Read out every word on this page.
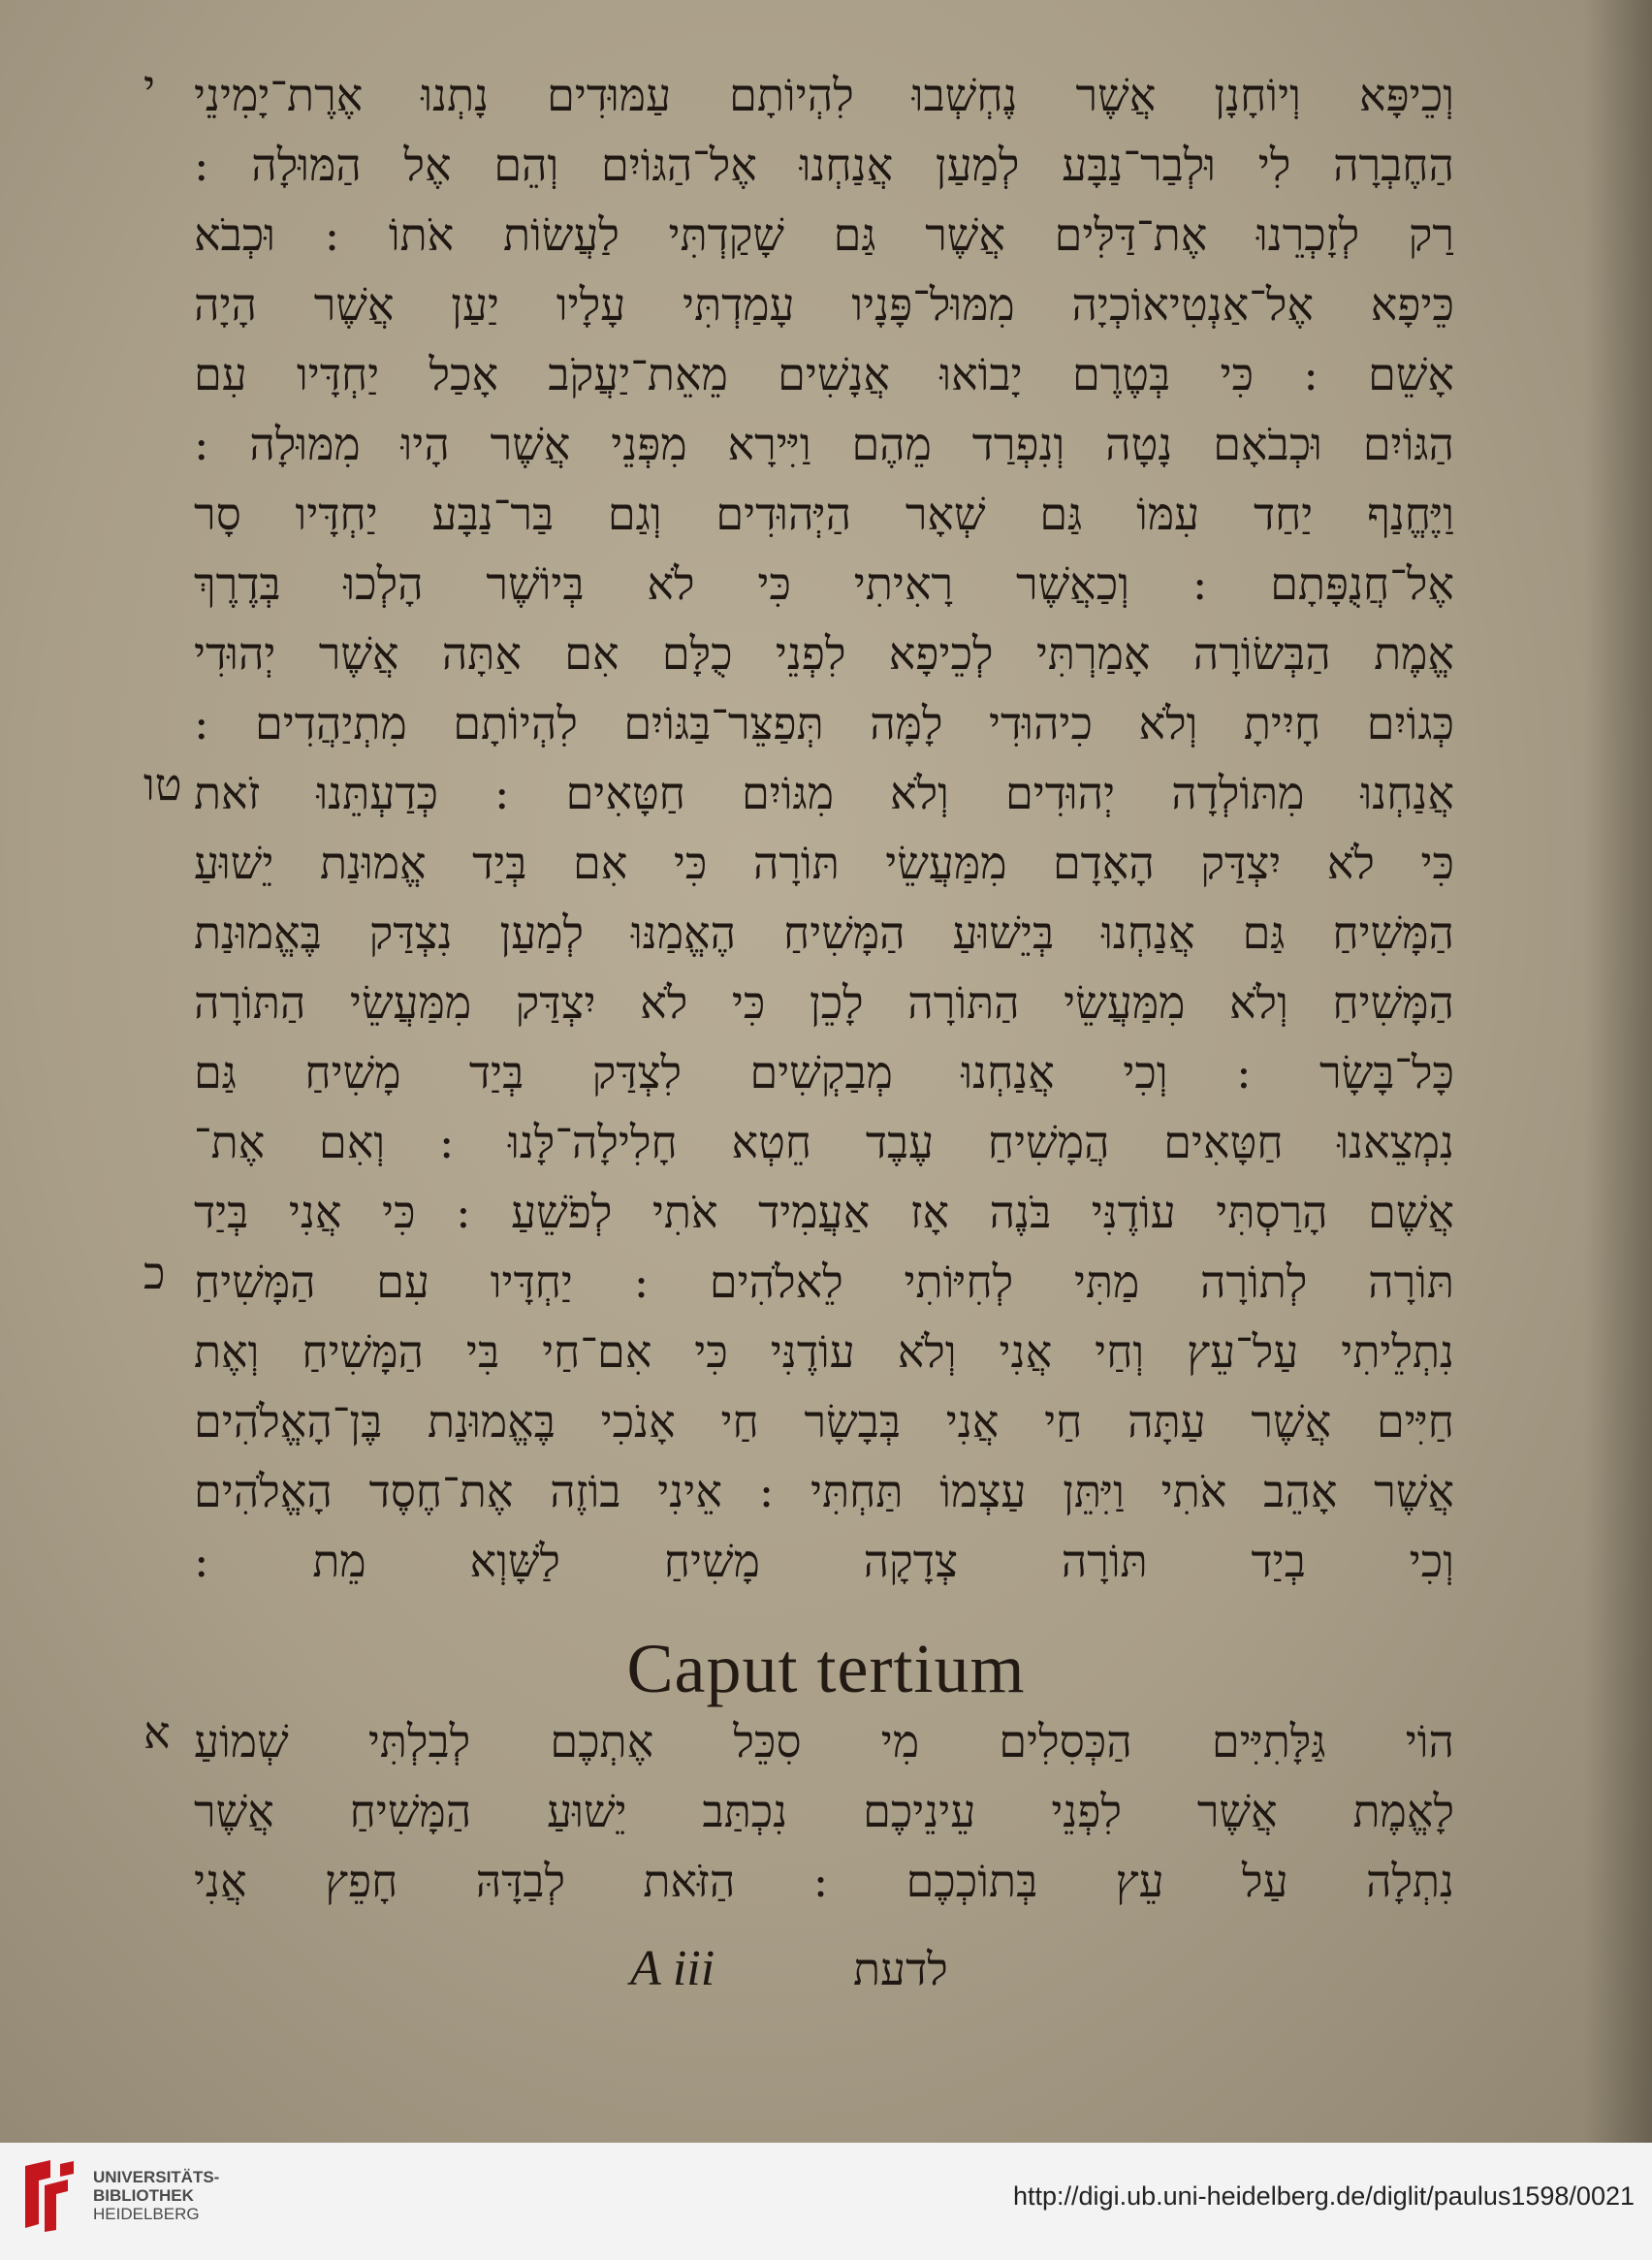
וְכֵיפָּא וְיוֹחָנָן אֲשֶׁר נֶחְשְׁבוּ לִהְיוֹתָם עַמּוּדִים נָתְנוּ אֶרֶת־יָמִינֵי
הַחֶבְרָה לִי וּלְבַר־נַבָּע לְמַעַן אֲנַחְנוּ אֶל־הַגּוֹיִם וְהֵם אֶל הַמּוּלָה :
רַק לְזָכְרֵנוּ אֶת־דַּלִּים אֲשֶׁר גַּם שָׁקַדְתִּי לַעֲשׂוֹת אֹתוֹ : וּכְבֹא
כֵּיפָא אֶל־אַנְטִיאוֹכְיָה מִמּוּל־פָּנָיו עָמַדְתִּי עָלָיו יַעַן אֲשֶׁר הָיָה
אָשֵׁם : כִּי בְּטֶרֶם יָבוֹאוּ אֲנָשִׁים מֵאֵת־יַעֲקֹב אָכַל יַחְדָּיו עִם
הַגּוֹיִם וּכְבֹאָם נָטָה וְנִפְרַד מֵהֶם וַיִּירָא מִפְּנֵי אֲשֶׁר הָיוּ מִמּוּלָה :
וַיֶּחֱנַף יַחַד עִמּוֹ גַּם שְׁאָר הַיְּהוּדִים וְגַם בַּר־נַבָּע יַחְדָּיו סָר
אֶל־חֲנֻפָּתָם : וְכַאֲשֶׁר רָאִיתִי כִּי לֹא בְּיוֹשֶׁר הָלְכוּ בְּדֶרֶךְ
אֱמֶת הַבְּשׂוֹרָה אָמַרְתִּי לְכֵיפָא לִפְנֵי כֻלָּם אִם אַתָּה אֲשֶׁר יְהוּדִי
כְּגוֹיִם חָיִיתָ וְלֹא כִיהוּדִי לָמָּה תְּפַצֵּר־בַּגּוֹיִם לִהְיוֹתָם מִתְיַהֲדִים :
אֲנַחְנוּ מִתּוֹלְדָה יְהוּדִים וְלֹא מִגּוֹיִם חַטָּאִים : כְּדַעְתֵּנוּ זֹאת
כִּי לֹא יִצְדַּק הָאָדָם מִמַּעֲשֵׂי תּוֹרָה כִּי אִם בְּיַד אֱמוּנַת יֵשׁוּעַ
הַמָּשִׁיחַ גַּם אֲנַחְנוּ בְּיֵשׁוּעַ הַמָּשִׁיחַ הֶאֱמַנּוּ לְמַעַן נִצְדַּק בֶּאֱמוּנַת
הַמָּשִׁיחַ וְלֹא מִמַּעֲשֵׂי הַתּוֹרָה לָכֵן כִּי לֹא יִצְדַּק מִמַּעֲשֵׂי הַתּוֹרָה
כָּל־בָּשָׂר : וְכִי אֲנַחְנוּ מְבַקְשִׁים לִצְדַּק בְּיַד מָשִׁיחַ גַּם
נִמְצֵאנוּ חַטָּאִים הֲמָשִׁיחַ עֶבֶד חֵטְא חָלִילָה־לָּנוּ : וְאִם אֶת־
אֲשֶׁם הָרַסְתִּי עוֹדֶנִּי בֹּנֶה אָז אַעֲמִיד אֹתִי לְפֹשֵׁעַ : כִּי אֲנִי בְּיַד
תּוֹרָה לְתוֹרָה מַתִּי לְחִיּוֹתִי לֵאלֹהִים : יַחְדָּיו עִם הַמָּשִׁיחַ
נִתְלֵיתִי עַל־עֵץ וְחַי אֲנִי וְלֹא עוֹדֶנִּי כִּי אִם־חַי בִּי הַמָּשִׁיחַ וְאֶת
חַיִּים אֲשֶׁר עַתָּה חַי אֲנִי בְּבָשָׂר חַי אָנֹכִי בֶּאֱמוּנַת בֶּן־הָאֱלֹהִים
אֲשֶׁר אָהֵב אֹתִי וַיִּתֵּן עַצְמוֹ תַּחְתִּי : אֵינִי בוֹזֶה אֶת־חֶסֶד הָאֱלֹהִים
וְכִי בְיַד תּוֹרָה צְדָקָה מָשִׁיחַ לַשָּׁוְא מֵת :
י
טו
כ
Caput tertium
הוֹי גַּלָּתִיִּים הַכְּסִלִים מִי סִכֵּל אֶתְכֶם לְבִלְתִּי שְׁמוֹעַ
לָאֱמֶת אֲשֶׁר לִפְנֵי עֵינֵיכֶם נִכְתַּב יֵשׁוּעַ הַמָּשִׁיחַ אֲשֶׁר
נִתְלָה עַל עֵץ בְּתוֹכְכֶם : הַזֹּאת לְבַדָּהּ חָפֵץ אֲנִי
א
A iii	לדעת
UNIVERSITÄTS-
BIBLIOTHEK
HEIDELBERG
http://digi.ub.uni-heidelberg.de/diglit/paulus1598/0021
